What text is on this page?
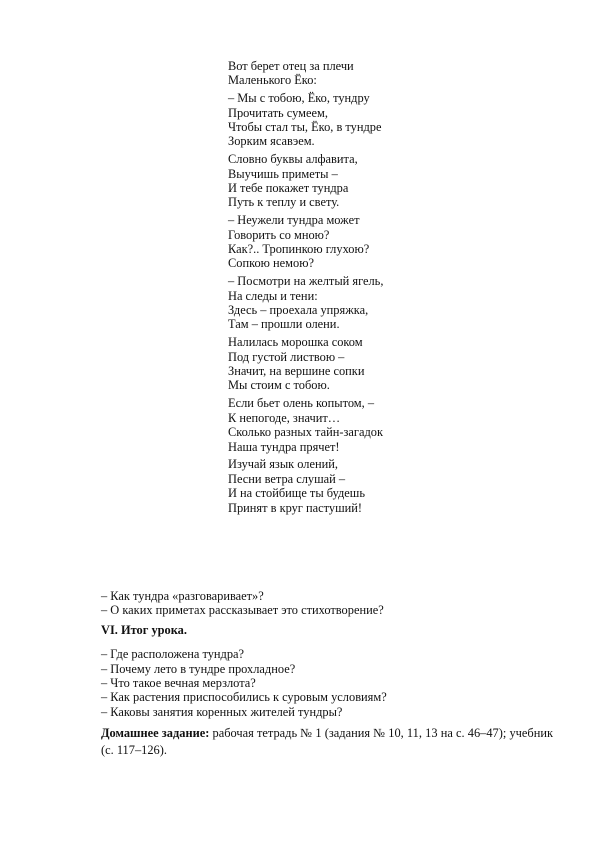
Вот берет отец за плечи
Маленького Ёко:
– Мы с тобою, Ёко, тундру
Прочитать сумеем,
Чтобы стал ты, Ёко, в тундре
Зорким ясавэем.
Словно буквы алфавита,
Выучишь приметы –
И тебе покажет тундра
Путь к теплу и свету.
– Неужели тундра может
Говорить со мною?
Как?.. Тропинкою глухою?
Сопкою немою?
– Посмотри на желтый ягель,
На следы и тени:
Здесь – проехала упряжка,
Там – прошли олени.
Налилась морошка соком
Под густой листвою –
Значит, на вершине сопки
Мы стоим с тобою.
Если бьет олень копытом, –
К непогоде, значит…
Сколько разных тайн-загадок
Наша тундра прячет!
Изучай язык олений,
Песни ветра слушай –
И на стойбище ты будешь
Принят в круг пастуший!
– Как тундра «разговаривает»?
– О каких приметах рассказывает это стихотворение?
VI. Итог урока.
– Где расположена тундра?
– Почему лето в тундре прохладное?
– Что такое вечная мерзлота?
– Как растения приспособились к суровым условиям?
– Каковы занятия коренных жителей тундры?
Домашнее задание: рабочая тетрадь № 1 (задания № 10, 11, 13 на с. 46–47); учебник (с. 117–126).
